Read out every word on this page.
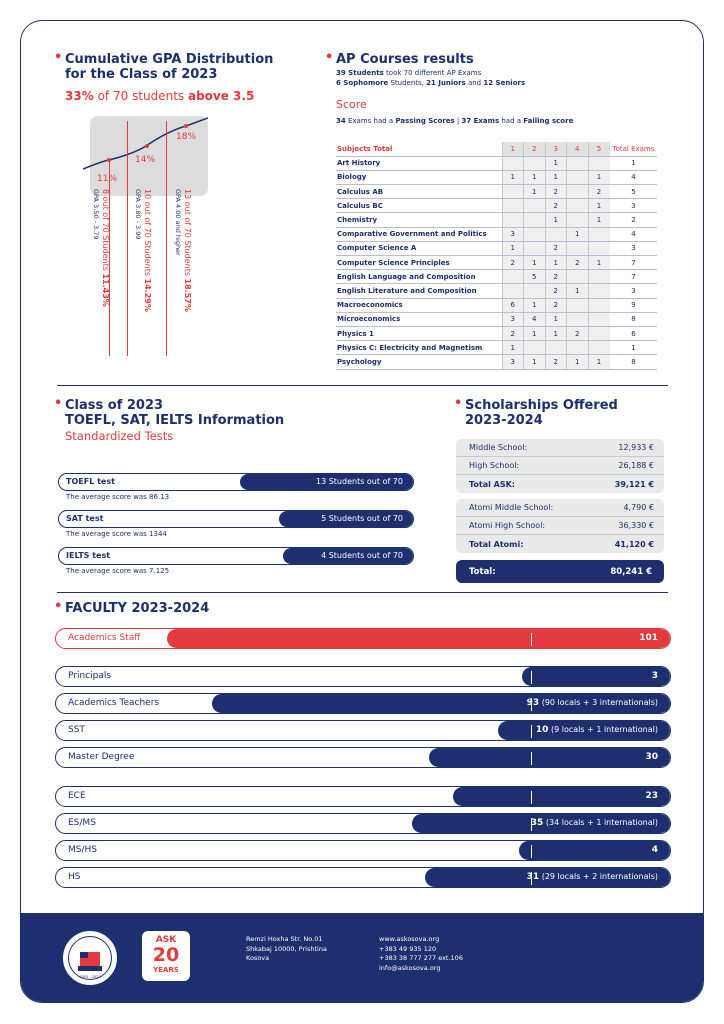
• Cumulative GPA Distribution
for the Class of 2023
33% of 70 students above 3.5
11%
14%
18%
8 out of 70 Students 11.43%
GPA 3.50 - 3.79	10 out of 70 Students 14.29%
GPA 3.80 - 3.99	13 out of 70 Students 18.57%
GPA 4.00 and higher
• AP Courses results
39 Students took 70 different AP Exams
6 Sophomore Students, 21 Juniors and 12 Seniors
Score
34 Exams had a Passing Scores | 37 Exams had a Failing score
Subjects Total	1	2	3	4	5	Total Exams
Art History			1			1
Biology	1	1	1		1	4
Calculus AB		1	2		2	5
Calculus BC			2		1	3
Chemistry			1		1	2
Comparative Government and Politics	3			1		4
Computer Science A	1		2			3
Computer Science Principles	2	1	1	2	1	7
English Language and Composition		5	2			7
English Literature and Composition			2	1		3
Macroeconomics	6	1	2			9
Microeconomics	3	4	1			8
Physics 1	2	1	1	2		6
Physics C: Electricity and Magnetism	1					1
Psychology	3	1	2	1	1	8
• Class of 2023
TOEFL, SAT, IELTS Information
Standardized Tests
TOEFL test	13 Students out of 70
The average score was 86.13
SAT test	5 Students out of 70
The average score was 1344
IELTS test	4 Students out of 70
The average score was 7.125
• Scholarships Offered
2023-2024
Middle School:	12,933 €
High School:	26,188 €
Total ASK:	39,121 €
Atomi Middle School:	4,790 €
Atomi High School:	36,330 €
Total Atomi:	41,120 €
Total:	80,241 €
• FACULTY 2023-2024
Academics Staff	101
Principals	3
Academics Teachers	93 (90 locals + 3 internationals)
SST	10 (9 locals + 1 international)
Master Degree	30
ECE	23
ES/MS	35 (34 locals + 1 international)
MS/HS	4
HS	31 (29 locals + 2 internationals)
2003 - 2023
ASK
20
YEARS
Remzi Hoxha Str. No.01
Shkabaj 10000, Prishtina
Kosova
www.askosova.org
+383 49 935 120
+383 38 777 277 ext.106
info@askosova.org
